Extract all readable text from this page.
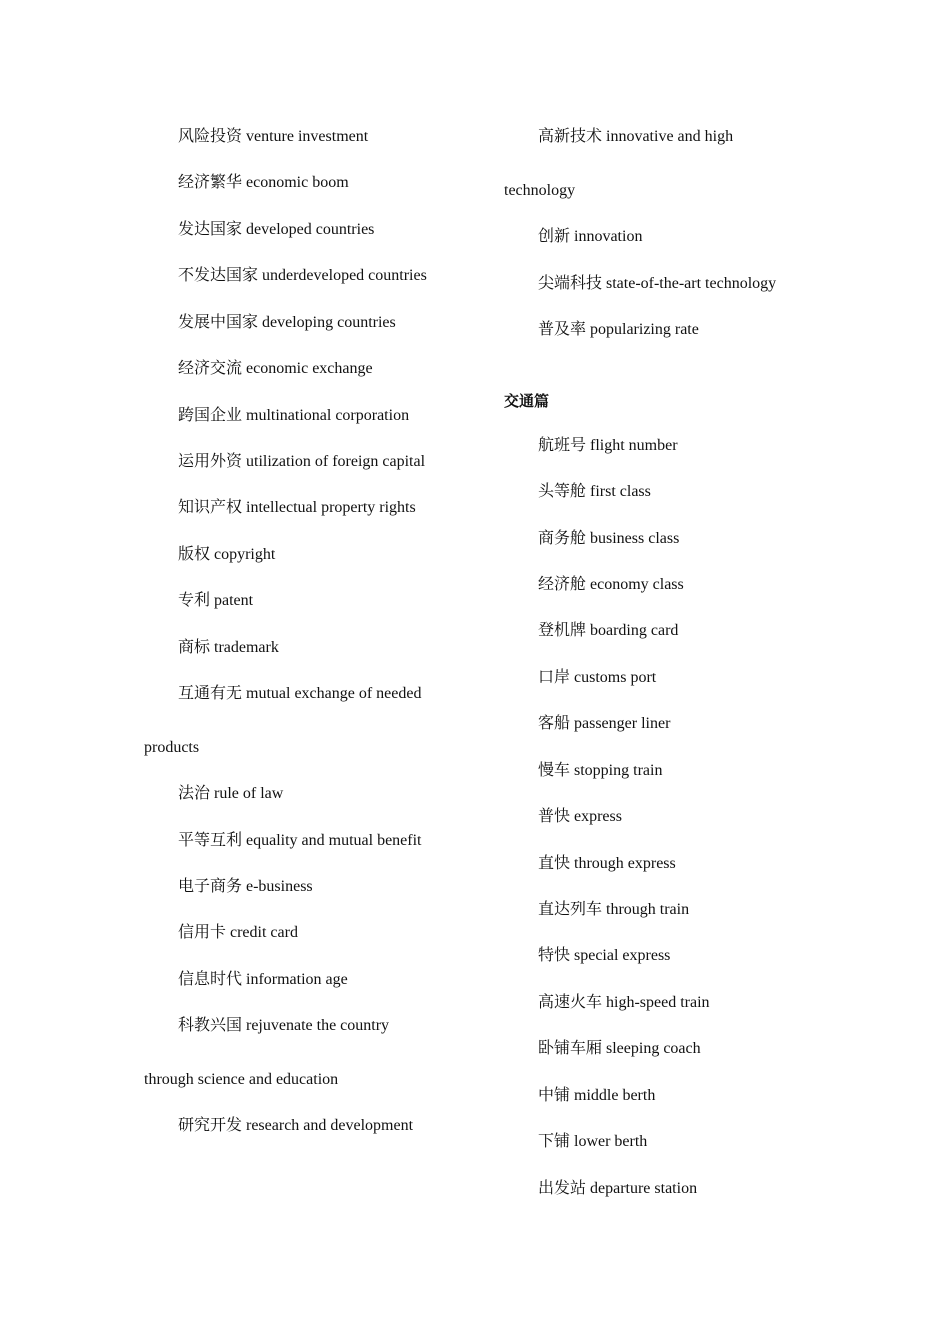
风险投资 venture investment
经济繁华 economic boom
发达国家 developed countries
不发达国家 underdeveloped countries
发展中国家 developing countries
经济交流 economic exchange
跨国企业 multinational corporation
运用外资 utilization of foreign capital
知识产权 intellectual property rights
版权 copyright
专利 patent
商标 trademark
互通有无 mutual exchange of needed
products
法治 rule of law
平等互利 equality and mutual benefit
电子商务 e-business
信用卡 credit card
信息时代 information age
科教兴国 rejuvenate the country
through science and education
研究开发 research and development
高新技术 innovative and high
technology
创新 innovation
尖端科技 state-of-the-art technology
普及率 popularizing rate
交通篇
航班号 flight number
头等舱 first class
商务舱 business class
经济舱 economy class
登机牌 boarding card
口岸 customs port
客船 passenger liner
慢车 stopping train
普快 express
直快 through express
直达列车 through train
特快 special express
高速火车 high-speed train
卧铺车厢 sleeping coach
中铺 middle berth
下铺 lower berth
出发站 departure station
